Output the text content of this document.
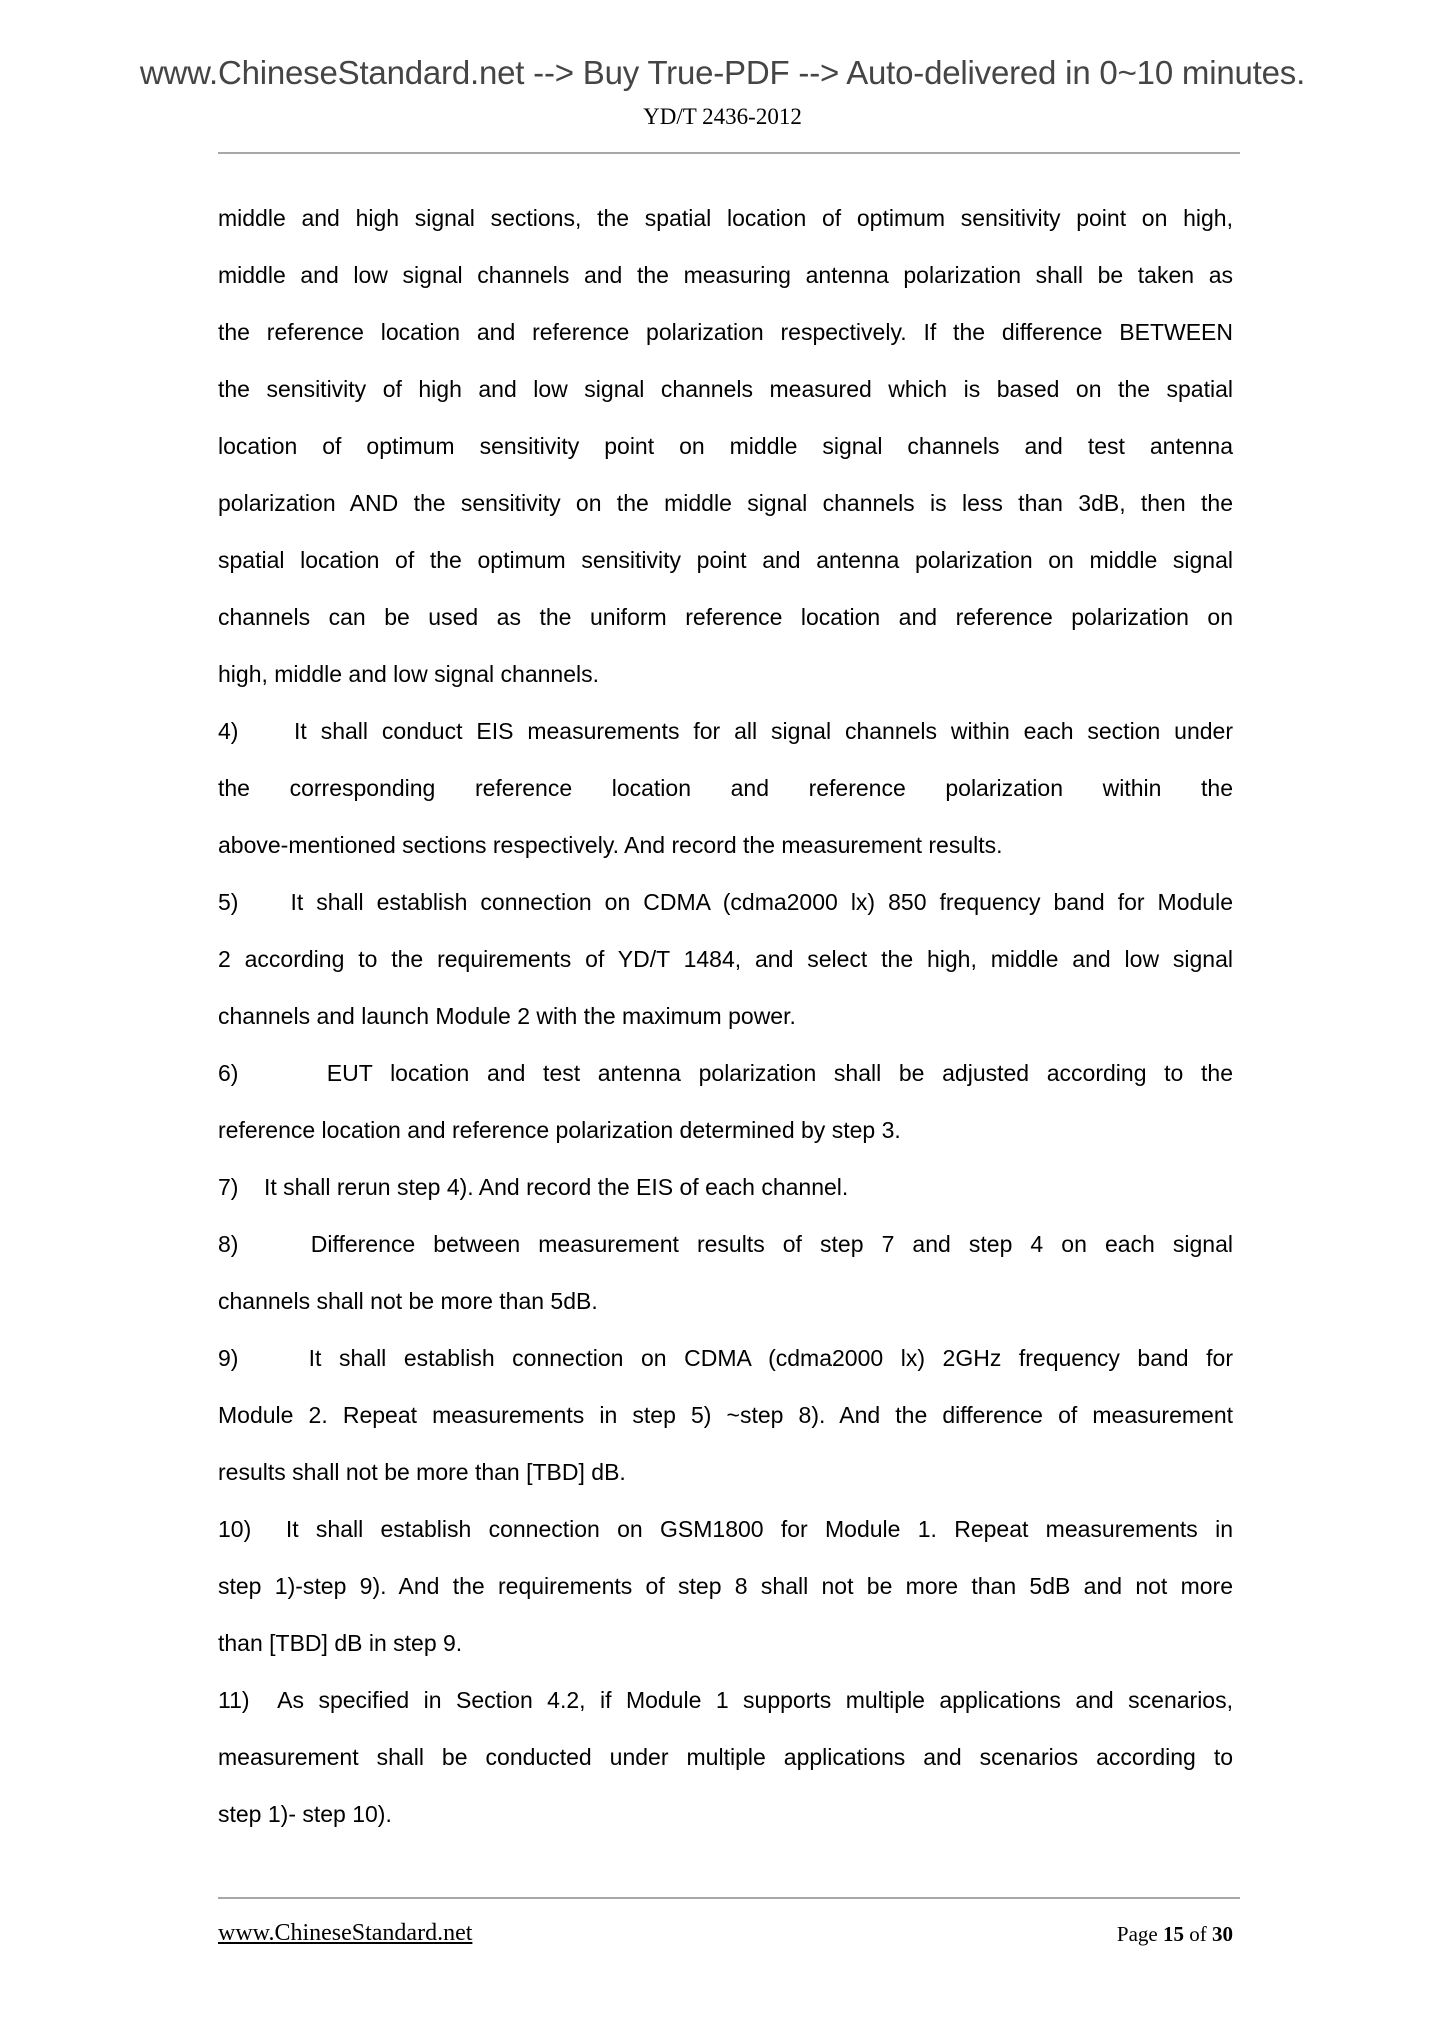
www.ChineseStandard.net --> Buy True-PDF --> Auto-delivered in 0~10 minutes.
YD/T 2436-2012
middle and high signal sections, the spatial location of optimum sensitivity point on high,
middle and low signal channels and the measuring antenna polarization shall be taken as
the reference location and reference polarization respectively. If the difference BETWEEN
the sensitivity of high and low signal channels measured which is based on the spatial
location of optimum sensitivity point on middle signal channels and test antenna
polarization AND the sensitivity on the middle signal channels is less than 3dB, then the
spatial location of the optimum sensitivity point and antenna polarization on middle signal
channels can be used as the uniform reference location and reference polarization on
high, middle and low signal channels.
4)    It shall conduct EIS measurements for all signal channels within each section under
the corresponding reference location and reference polarization within the
above-mentioned sections respectively. And record the measurement results.
5)    It shall establish connection on CDMA (cdma2000 lx) 850 frequency band for Module
2 according to the requirements of YD/T 1484, and select the high, middle and low signal
channels and launch Module 2 with the maximum power.
6)     EUT location and test antenna polarization shall be adjusted according to the
reference location and reference polarization determined by step 3.
7)    It shall rerun step 4). And record the EIS of each channel.
8)    Difference between measurement results of step 7 and step 4 on each signal
channels shall not be more than 5dB.
9)    It shall establish connection on CDMA (cdma2000 lx) 2GHz frequency band for
Module 2. Repeat measurements in step 5) ~step 8). And the difference of measurement
results shall not be more than [TBD] dB.
10)  It shall establish connection on GSM1800 for Module 1. Repeat measurements in
step 1)-step 9). And the requirements of step 8 shall not be more than 5dB and not more
than [TBD] dB in step 9.
11)  As specified in Section 4.2, if Module 1 supports multiple applications and scenarios,
measurement shall be conducted under multiple applications and scenarios according to
step 1)- step 10).
www.ChineseStandard.net	Page 15 of 30
